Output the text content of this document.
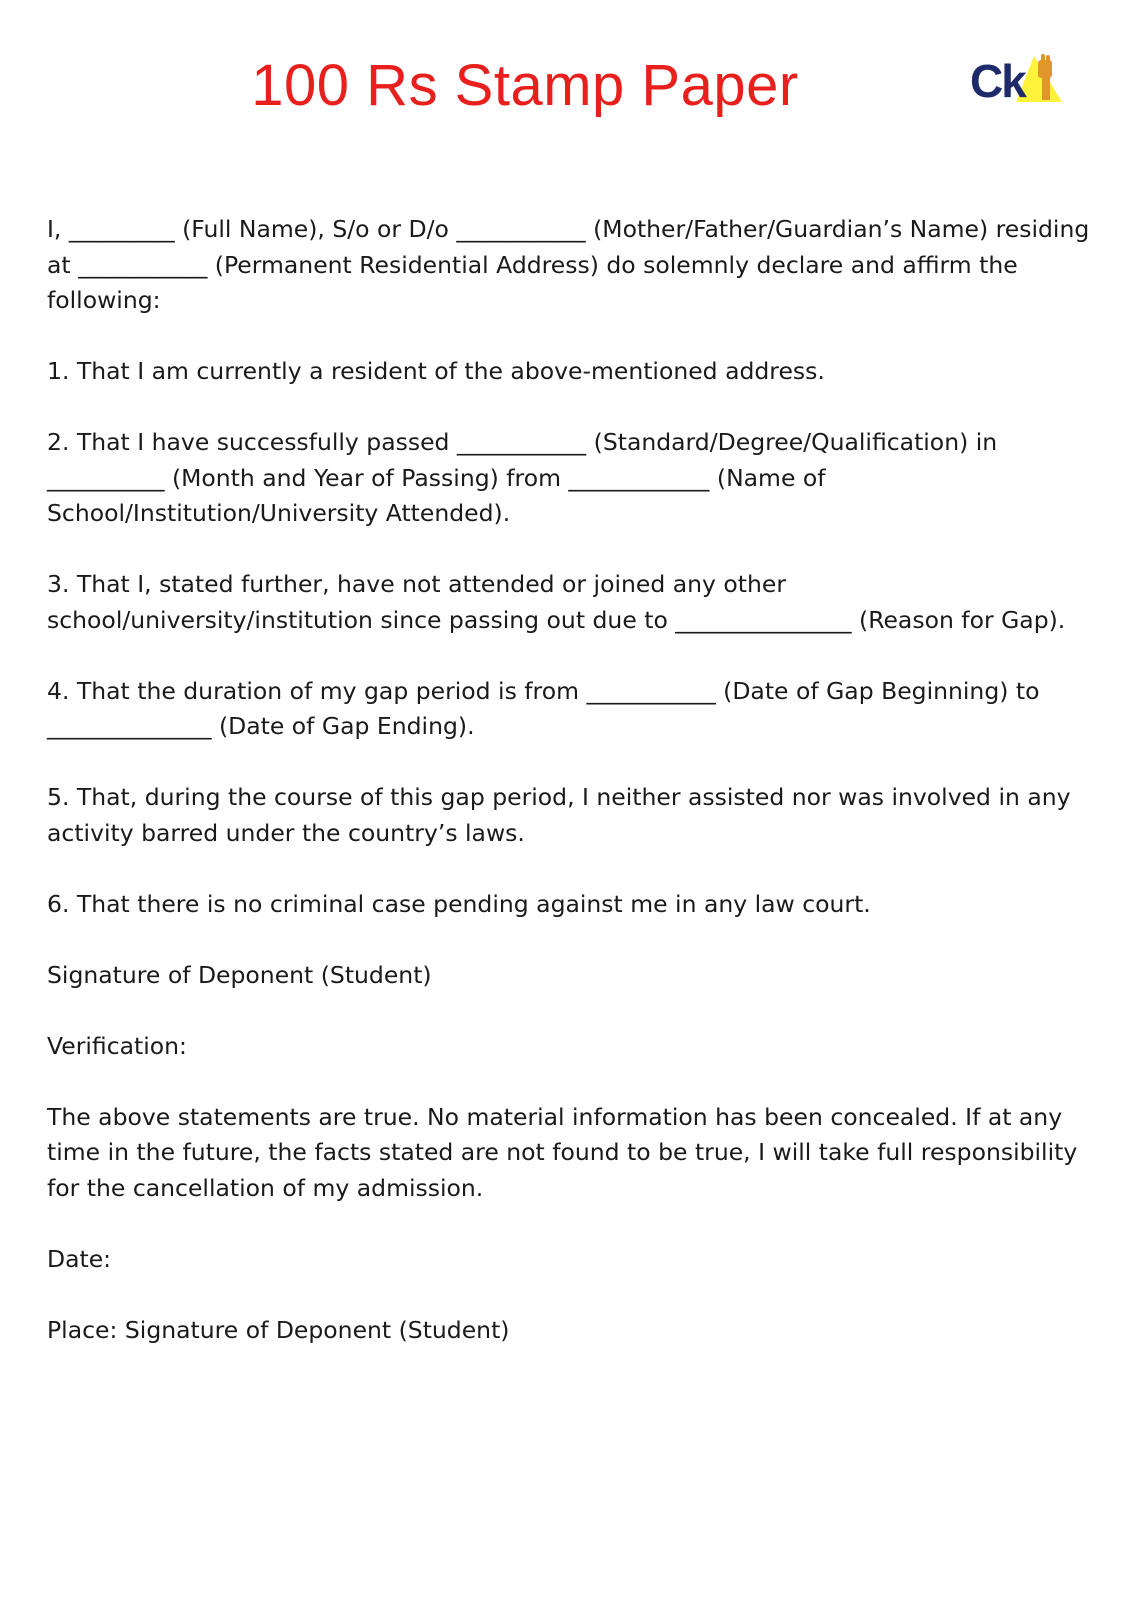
100 Rs Stamp Paper	Ck

I, _________ (Full Name), S/o or D/o ___________ (Mother/Father/Guardian’s Name) residing at ___________ (Permanent Residential Address) do solemnly declare and affirm the following:

1. That I am currently a resident of the above-mentioned address.

2. That I have successfully passed ___________ (Standard/Degree/Qualification) in __________ (Month and Year of Passing) from ____________ (Name of School/Institution/University Attended).

3. That I, stated further, have not attended or joined any other school/university/institution since passing out due to _______________ (Reason for Gap).

4. That the duration of my gap period is from ___________ (Date of Gap Beginning) to ______________ (Date of Gap Ending).

5. That, during the course of this gap period, I neither assisted nor was involved in any activity barred under the country’s laws.

6. That there is no criminal case pending against me in any law court.

Signature of Deponent (Student)

Verification:

The above statements are true. No material information has been concealed. If at any time in the future, the facts stated are not found to be true, I will take full responsibility for the cancellation of my admission.

Date:

Place: Signature of Deponent (Student)
